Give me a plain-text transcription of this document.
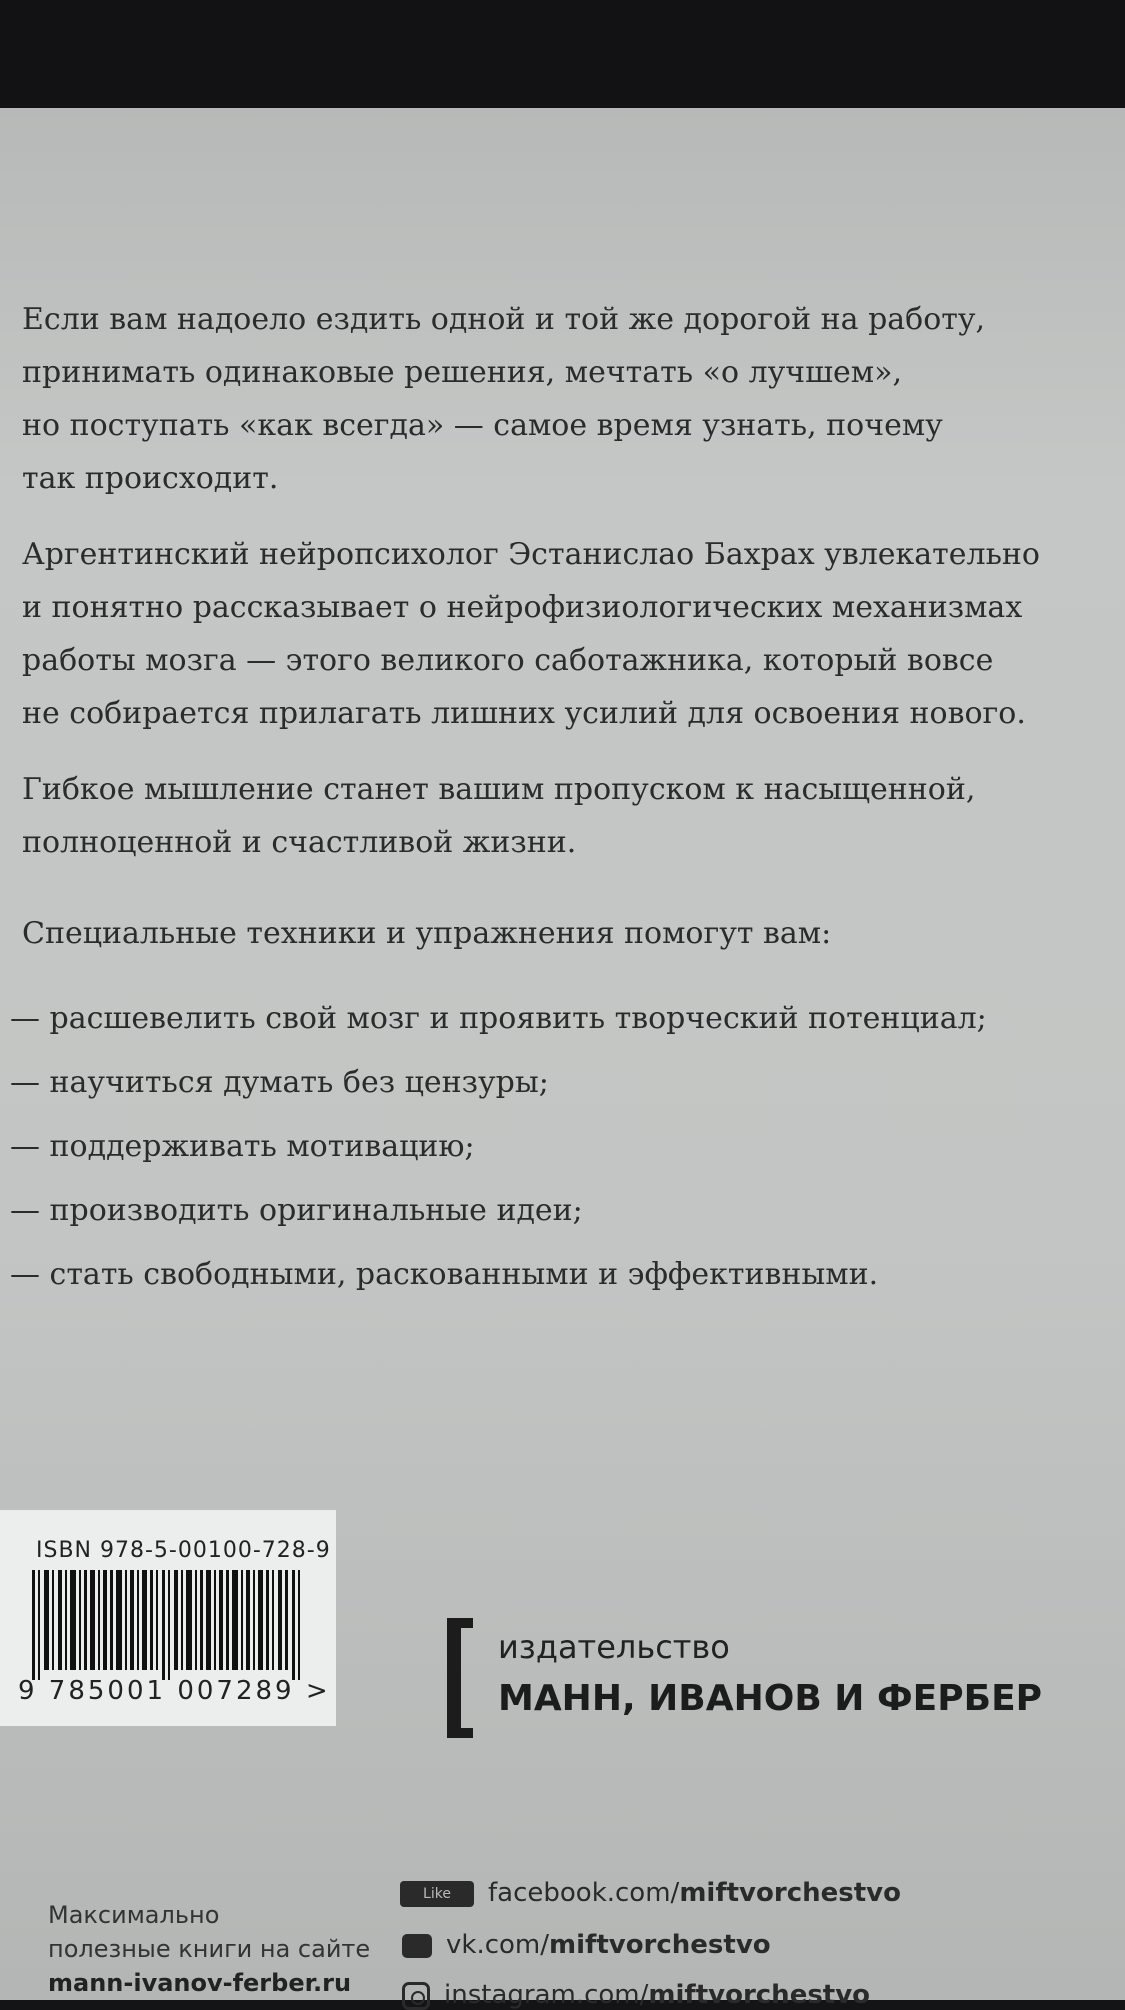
Если вам надоело ездить одной и той же дорогой на работу,

принимать одинаковые решения, мечтать «о лучшем»,

но поступать «как всегда» — самое время узнать, почему

так происходит.

Аргентинский нейропсихолог Эстанислао Бахрах увлекательно

и понятно рассказывает о нейрофизиологических механизмах

работы мозга — этого великого саботажника, который вовсе

не собирается прилагать лишних усилий для освоения нового.

Гибкое мышление станет вашим пропуском к насыщенной,

полноценной и счастливой жизни.

Специальные техники и упражнения помогут вам:
— расшевелить свой мозг и проявить творческий потенциал;
— научиться думать без цензуры;
— поддерживать мотивацию;
— производить оригинальные идеи;
— стать свободными, раскованными и эффективными.
ISBN 978-5-00100-728-9
9 785001 007289 >
издательство
МАНН, ИВАНОВ И ФЕРБЕР
Максимально
полезные книги на сайте
mann-ivanov-ferber.ru
Like facebook.com/miftvorchestvo
vk.com/miftvorchestvo
instagram.com/miftvorchestvo
